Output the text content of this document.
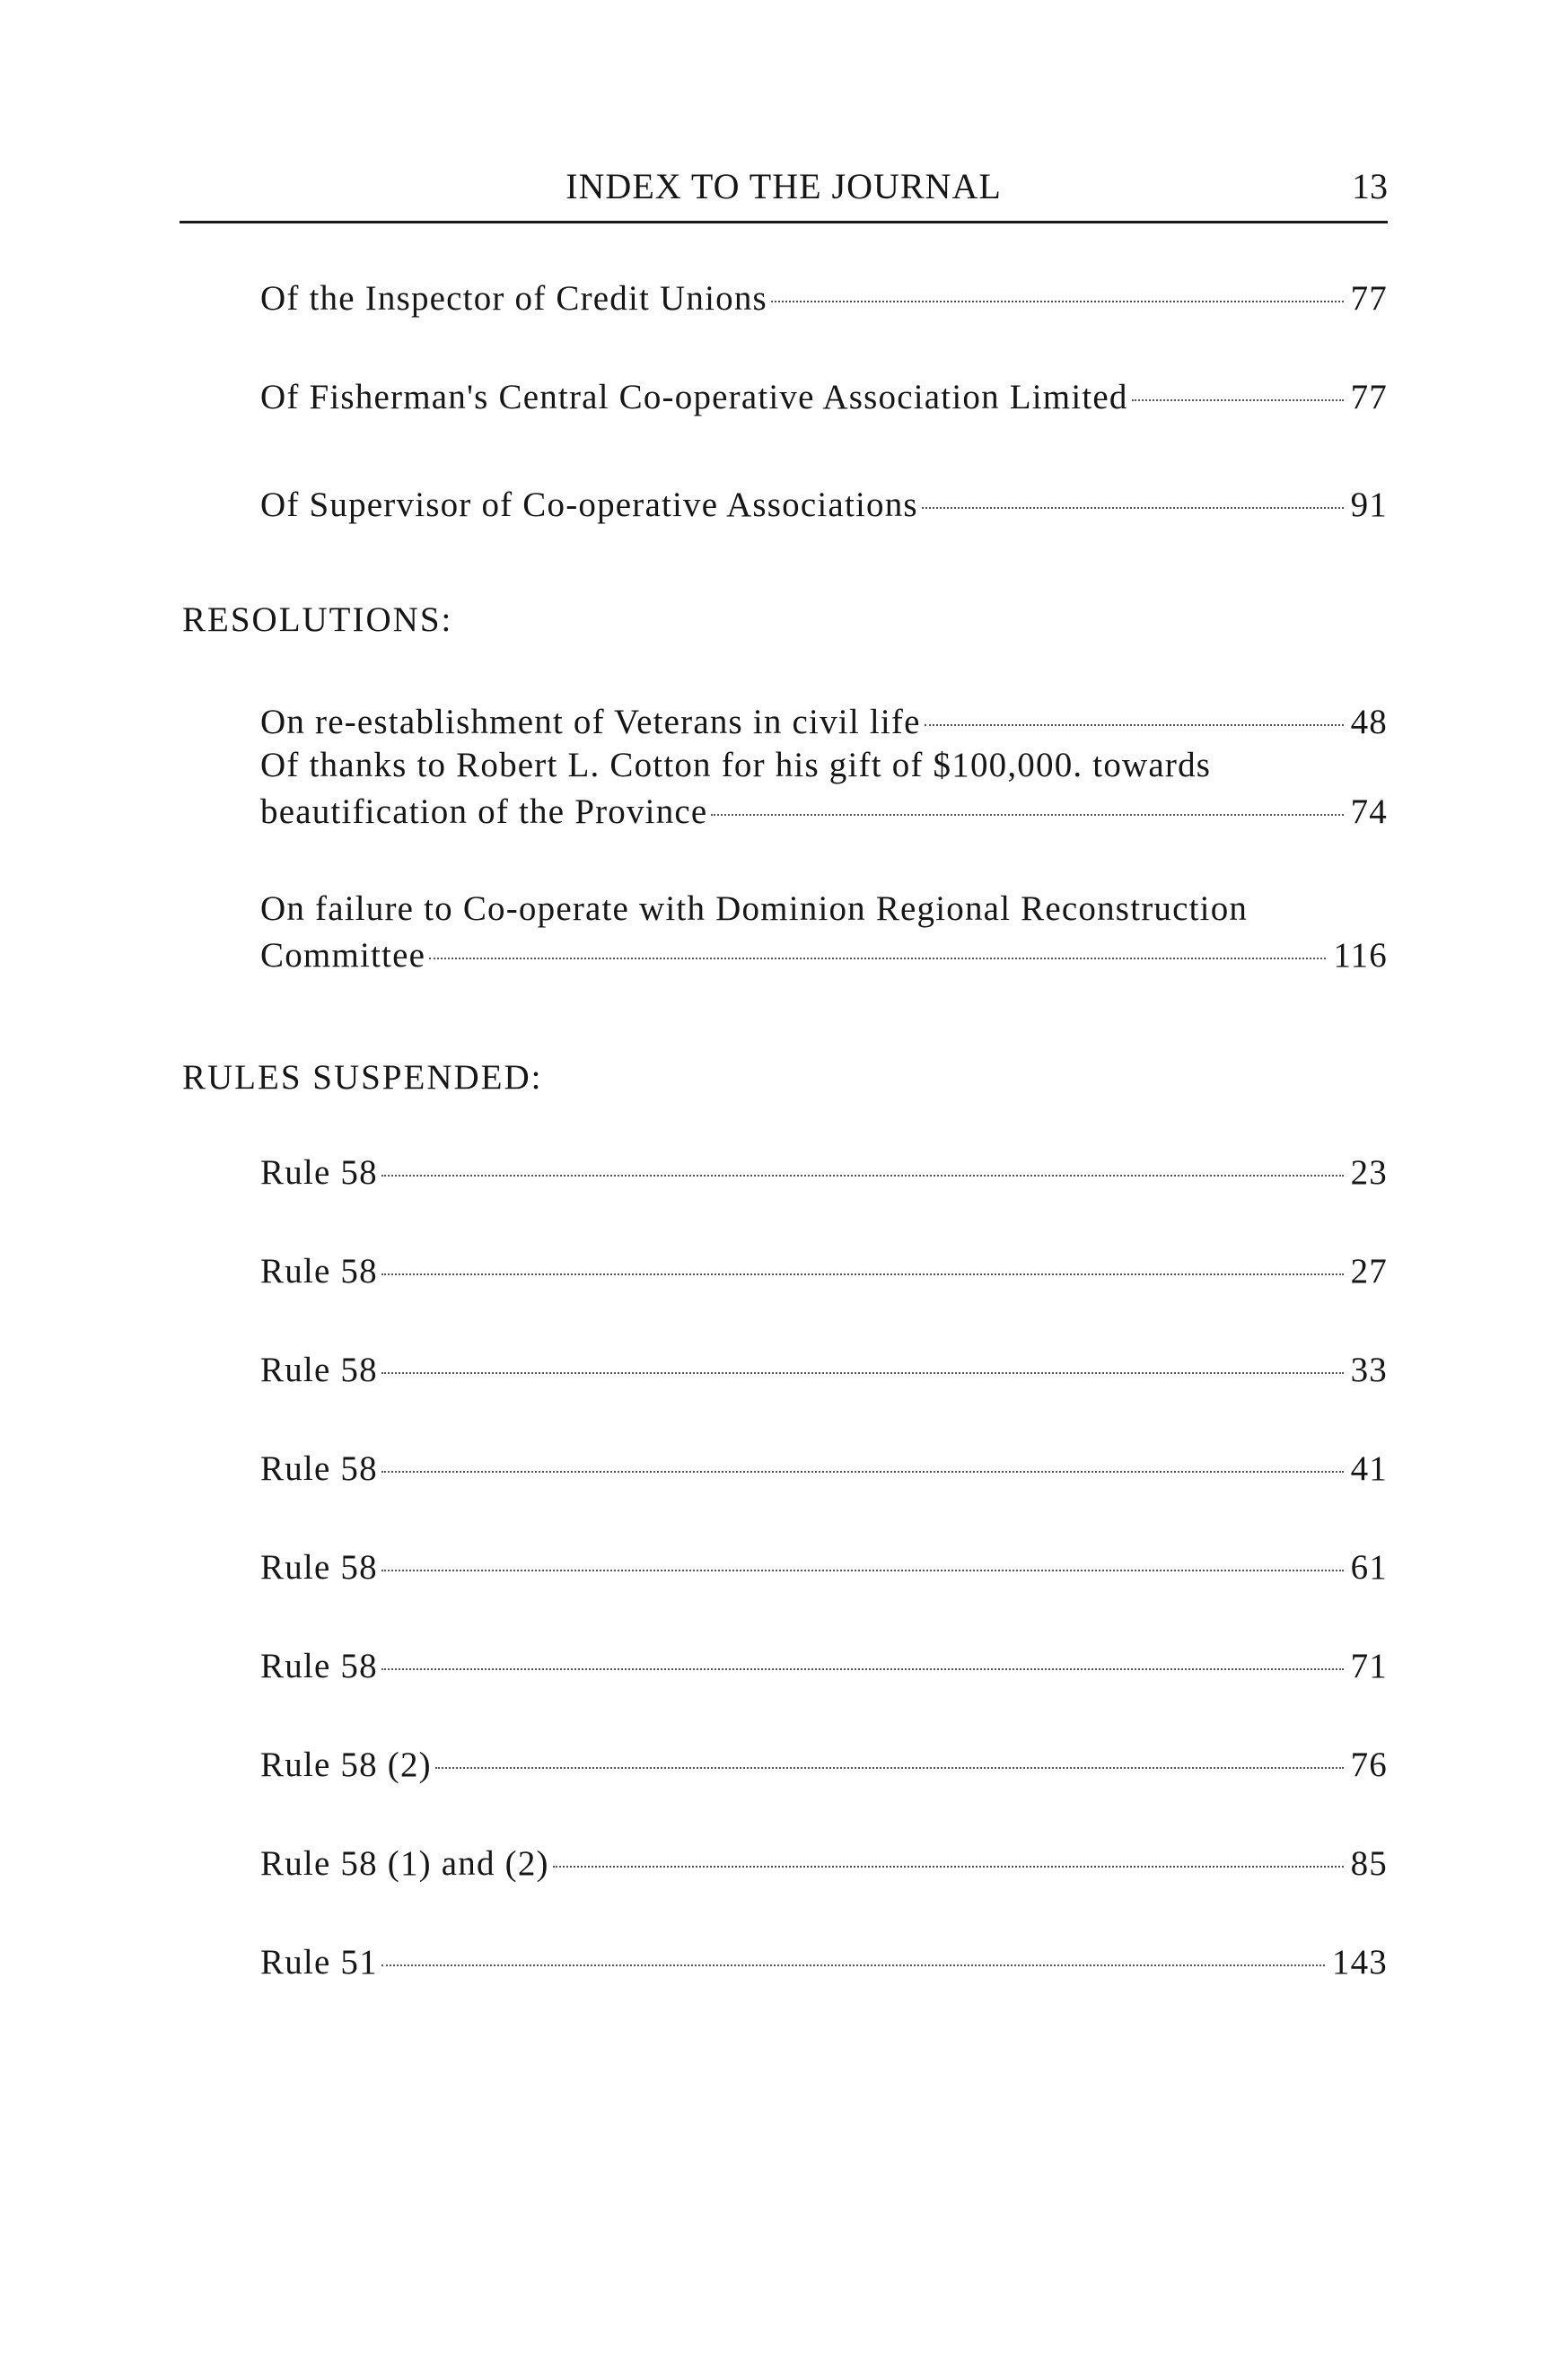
INDEX TO THE JOURNAL	13
Of the Inspector of Credit Unions	77
Of Fisherman's Central Co-operative Association Limited	77
Of Supervisor of Co-operative Associations	91
RESOLUTIONS:
On re-establishment of Veterans in civil life	48
Of thanks to Robert L. Cotton for his gift of $100,000. towards
beautification of the Province	74
On failure to Co-operate with Dominion Regional Reconstruction
Committee	116
RULES SUSPENDED:
Rule 58	23
Rule 58	27
Rule 58	33
Rule 58	41
Rule 58	61
Rule 58	71
Rule 58 (2)	76
Rule 58 (1) and (2)	85
Rule 51	143
